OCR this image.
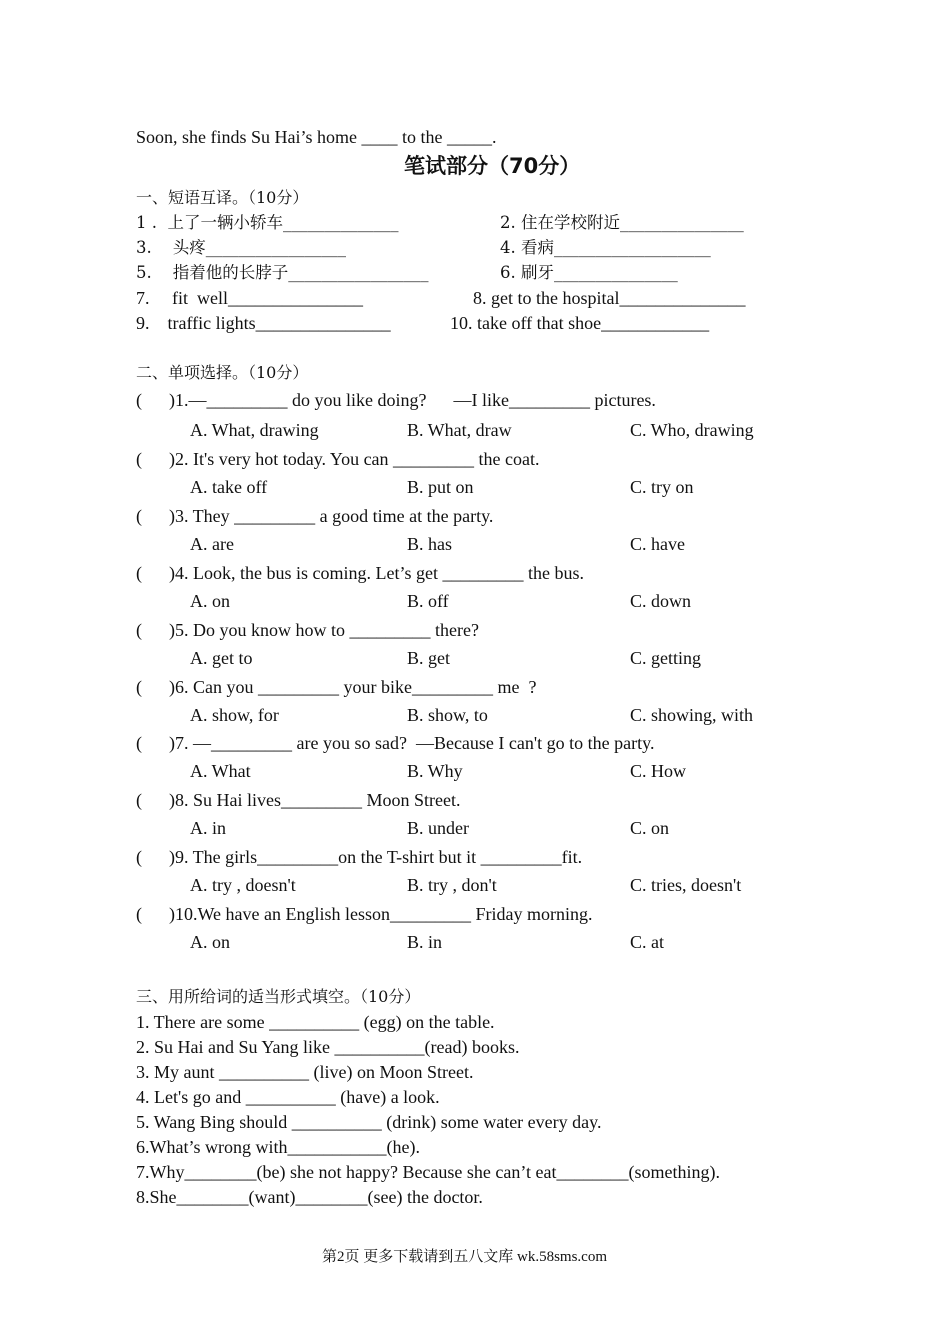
Soon, she finds Su Hai’s home ____ to the _____.
笔试部分（70分）
一、短语互译。（10分）
1 .  上了一辆小轿车______________	2. 住在学校附近_______________
3.    头疼_________________	4. 看病___________________
5.    指着他的长脖子_________________	6. 刷牙_______________
7.     fit  well_______________	8. get to the hospital______________
9.    traffic lights_______________	10. take off that shoe____________
二、单项选择。（10分）
(      )1.—_________ do you like doing?      —I like_________ pictures.
A. What, drawing	B. What, draw	C. Who, drawing
(      )2. It's very hot today. You can _________ the coat.
A. take off	B. put on	C. try on
(      )3. They _________ a good time at the party.
A. are	B. has	C. have
(      )4. Look, the bus is coming. Let’s get _________ the bus.
A. on	B. off	C. down
(      )5. Do you know how to _________ there?
A. get to	B. get	C. getting
(      )6. Can you _________ your bike_________ me  ?
A. show, for	B. show, to	C. showing, with
(      )7. —_________ are you so sad?  —Because I can't go to the party.
A. What	B. Why	C. How
(      )8. Su Hai lives_________ Moon Street.
A. in	B. under	C. on
(      )9. The girls_________on the T-shirt but it _________fit.
A. try , doesn't	B. try , don't	C. tries, doesn't
(      )10.We have an English lesson_________ Friday morning.
A. on	B. in	C. at
三、用所给词的适当形式填空。（10分）
1. There are some __________ (egg) on the table.
2. Su Hai and Su Yang like __________(read) books.
3. My aunt __________ (live) on Moon Street.
4. Let's go and __________ (have) a look.
5. Wang Bing should __________ (drink) some water every day.
6.What’s wrong with___________(he).
7.Why________(be) she not happy? Because she can’t eat________(something).
8.She________(want)________(see) the doctor.
第2页 更多下载请到五八文库 wk.58sms.com
